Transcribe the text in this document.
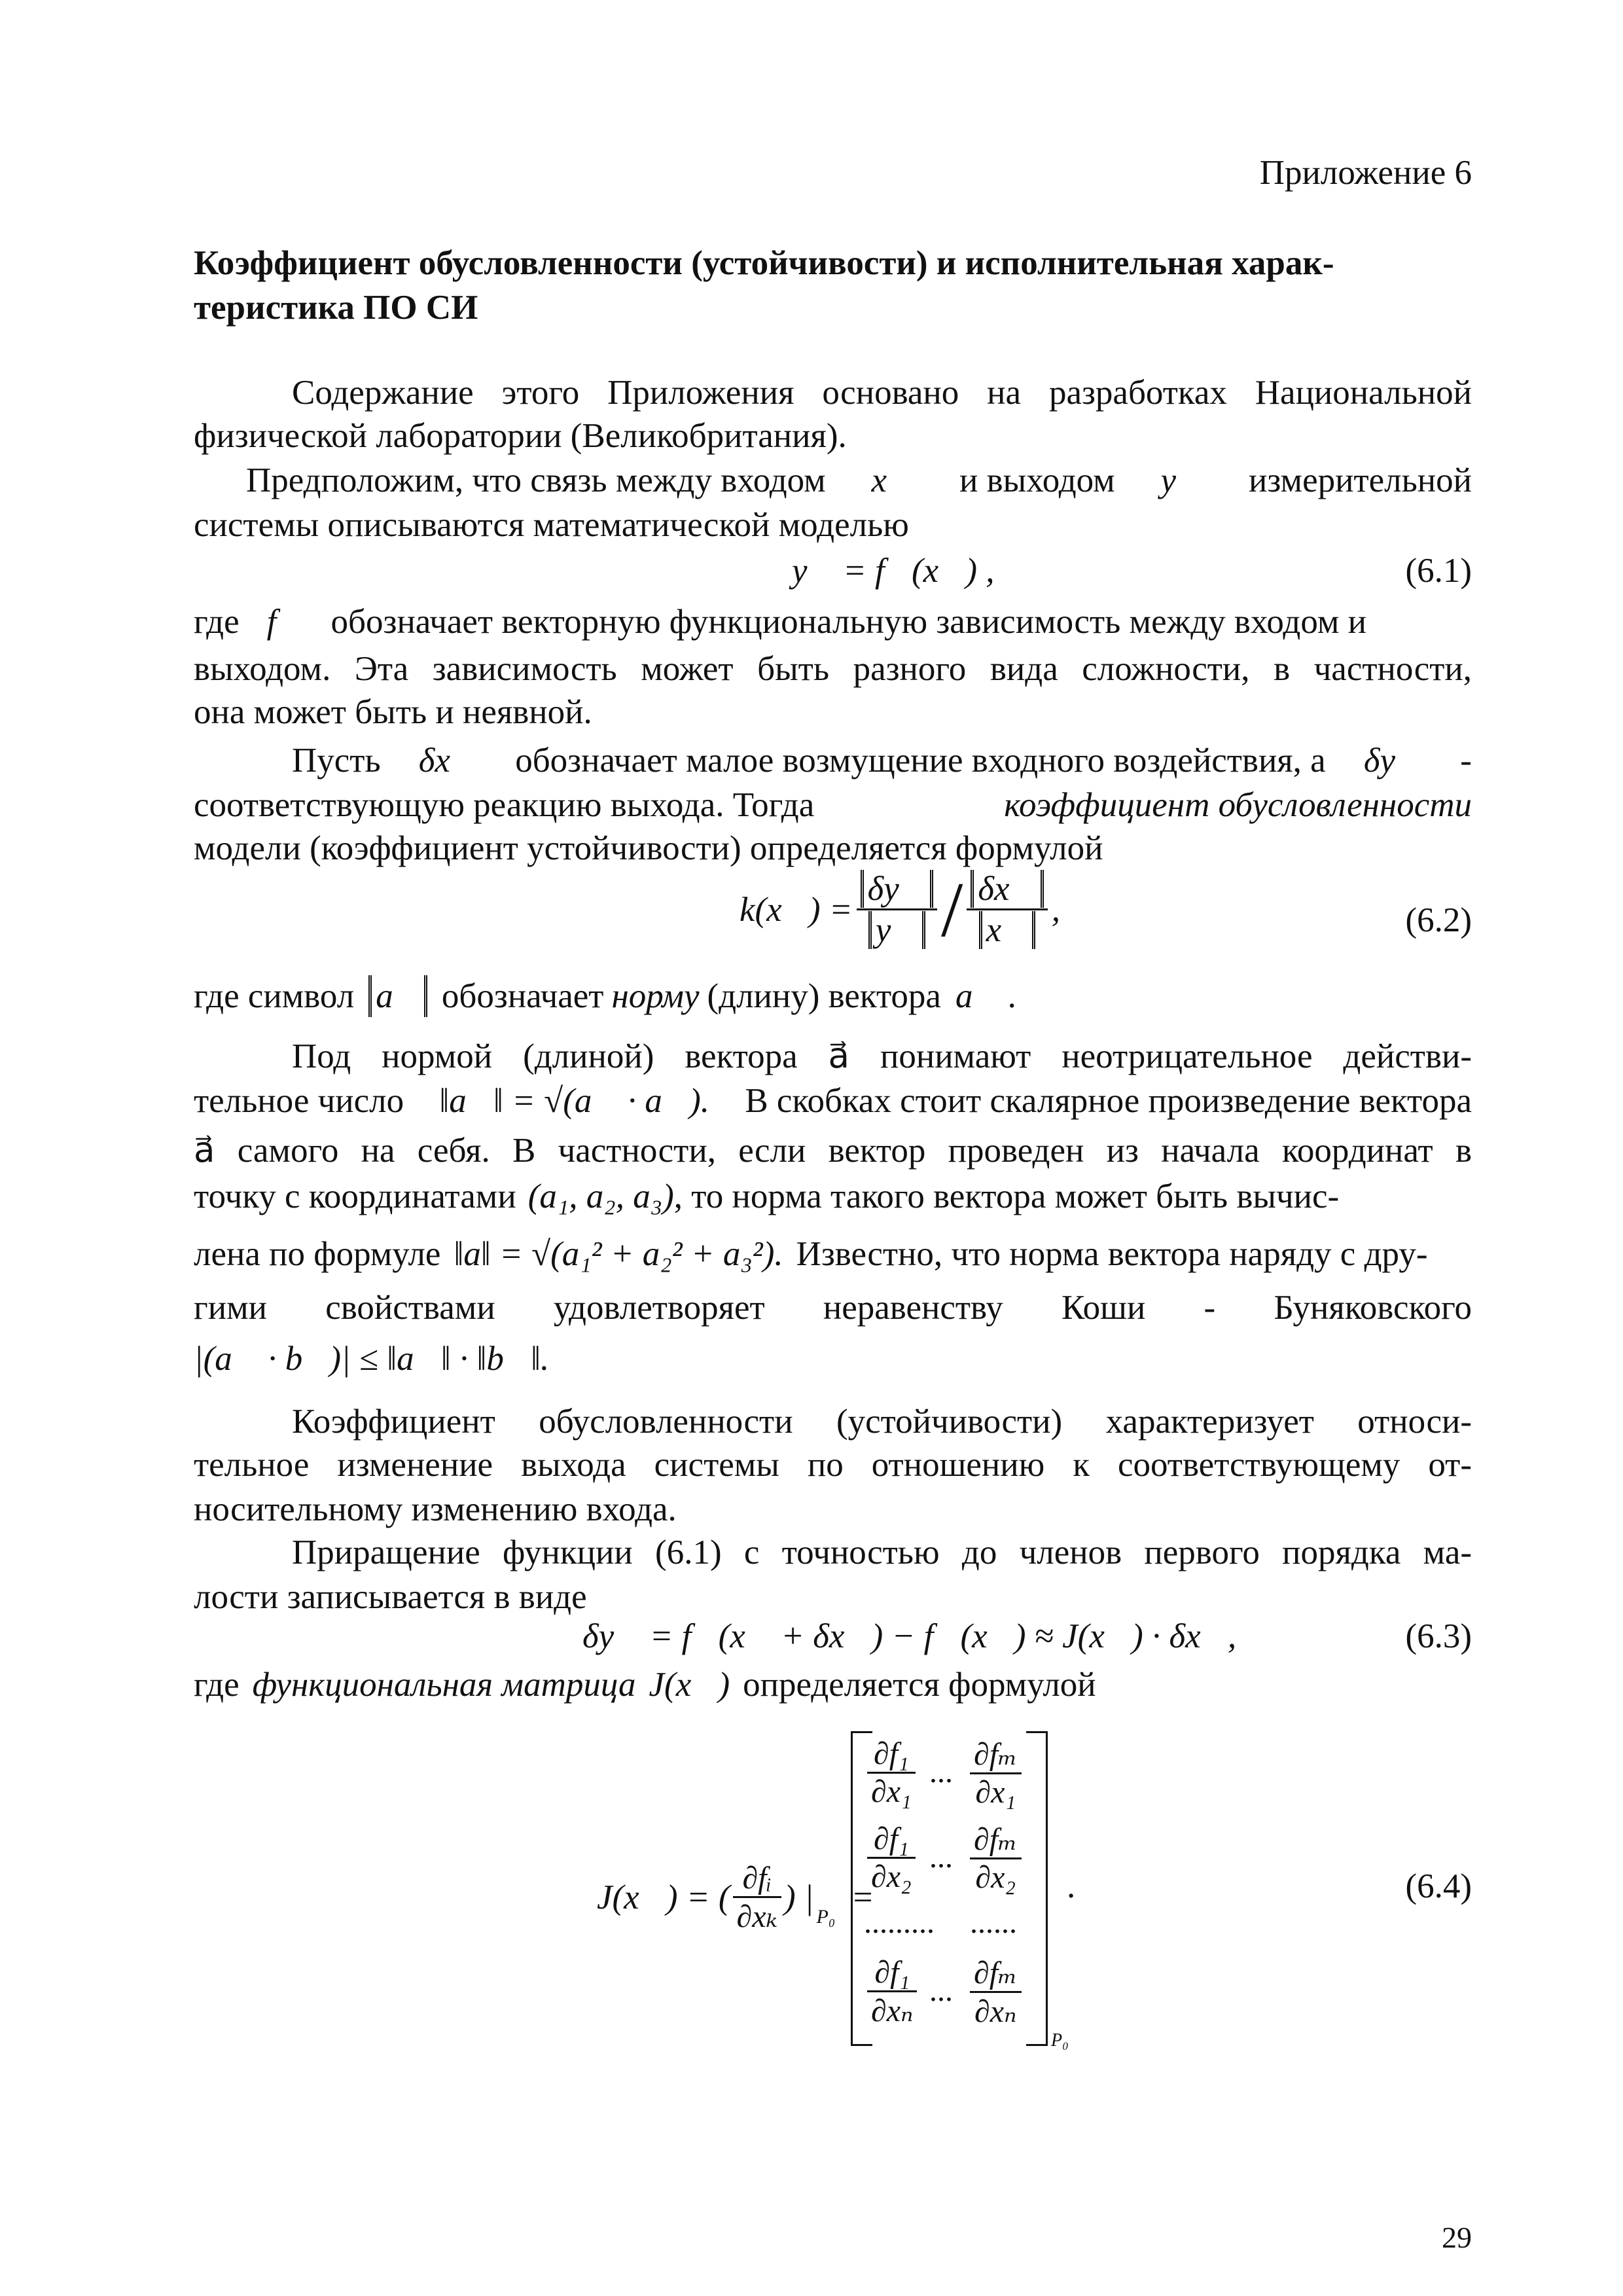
Приложение 6
Коэффициент обусловленности (устойчивости) и исполнительная харак-
теристика ПО СИ
Содержание этого Приложения основано на разработках Национальной
физической лаборатории (Великобритания).
Предположим, что связь между входом x⃗ и выходом y⃗ измерительной
системы описываются математической моделью
y⃗ = f⃗(x⃗) ,	(6.1)
где f⃗ обозначает векторную функциональную зависимость между входом и
выходом. Эта зависимость может быть разного вида сложности, в частности,
она может быть и неявной.
Пусть δx⃗ обозначает малое возмущение входного воздействия, а δy⃗ -
соответствующую реакцию выхода. Тогда	коэффициент обусловленности
модели (коэффициент устойчивости) определяется формулой
k(x⃗) = $\frac{\delta y⃗}{y⃗} / \frac{\delta x⃗}{x⃗}$ ,	(6.2)
где символ a⃗ обозначает норму (длину) вектора a⃗ .
Под нормой (длиной) вектора a⃗ понимают неотрицательное действи-
тельное число ‖a⃗‖ = √(a⃗ · a⃗). В скобках стоит скалярное произведение вектора
a⃗ самого на себя. В частности, если вектор проведен из начала координат в
точку с координатами (a₁, a₂, a₃) , то норма такого вектора может быть вычис-
лена по формуле ‖a‖ = √(a₁² + a₂² + a₃²). Известно, что норма вектора наряду с дру-
гими свойствами удовлетворяет неравенству Коши - Буняковского
|(a⃗ · b⃗)| ≤ ‖a⃗‖ · ‖b⃗‖.
Коэффициент обусловленности (устойчивости) характеризует относи-
тельное изменение выхода системы по отношению к соответствующему от-
носительному изменению входа.
Приращение функции (6.1) с точностью до членов первого порядка ма-
лости записывается в виде
δy⃗ = f⃗(x⃗ + δx⃗) − f⃗(x⃗) ≈ J(x⃗) · δx⃗,	(6.3)
где функциональная матрица J(x⃗) определяется формулой
J(x⃗) = ( $\frac{\text{∂fᵢ}}{\text{∂xₖ}}$ ) |
P₀
=
P₀
$\frac{\text{∂f₁}}{\text{∂x₁}}$ ... $\frac{\text{∂fₘ}}{\text{∂x₁}}$
$\frac{\text{∂f₁}}{\text{∂x₂}}$ ... $\frac{\text{∂fₘ}}{\text{∂x₂}}$
......... ......
$\frac{\text{∂f₁}}{\text{∂xₙ}}$ ... $\frac{\text{∂fₘ}}{\text{∂xₙ}}$
.	(6.4)
29
